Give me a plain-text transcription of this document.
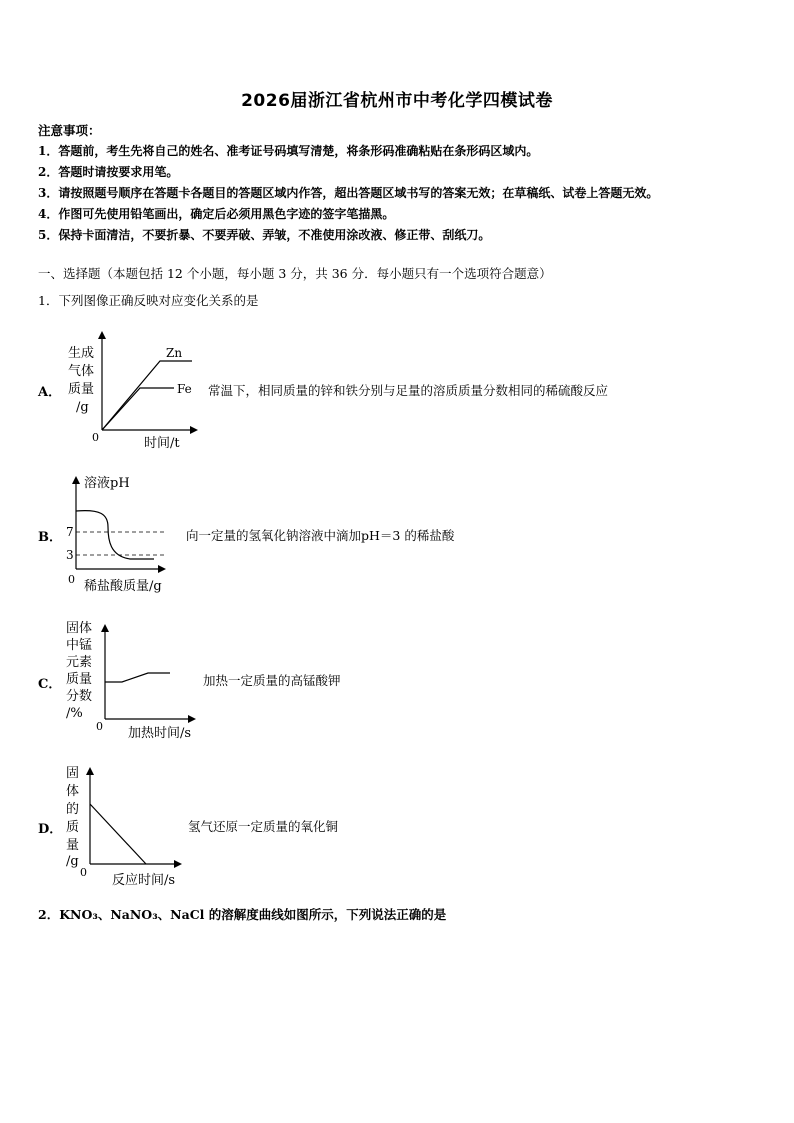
2026届浙江省杭州市中考化学四模试卷
注意事项：
1．答题前，考生先将自己的姓名、准考证号码填写清楚，将条形码准确粘贴在条形码区域内。
2．答题时请按要求用笔。
3．请按照题号顺序在答题卡各题目的答题区域内作答，超出答题区域书写的答案无效；在草稿纸、试卷上答题无效。
4．作图可先使用铅笔画出，确定后必须用黑色字迹的签字笔描黑。
5．保持卡面清洁，不要折暴、不要弄破、弄皱，不准使用涂改液、修正带、刮纸刀。
一、选择题（本题包括 12 个小题，每小题 3 分，共 36 分．每小题只有一个选项符合题意）
1．下列图像正确反映对应变化关系的是
A．
生成
气体
质量
/g
Zn
Fe
0	时间/t
常温下，相同质量的锌和铁分别与足量的溶质质量分数相同的稀硫酸反应
B．
溶液pH
7
3
0 稀盐酸质量/g
向一定量的氢氧化钠溶液中滴加pH＝3 的稀盐酸
C．
固体
中锰
元素
质量
分数
/%
0 加热时间/s
加热一定质量的高锰酸钾
D．
固
体
的
质
量
/g
0
反应时间/s
氢气还原一定质量的氧化铜
2．KNO₃、NaNO₃、NaCl 的溶解度曲线如图所示，下列说法正确的是
